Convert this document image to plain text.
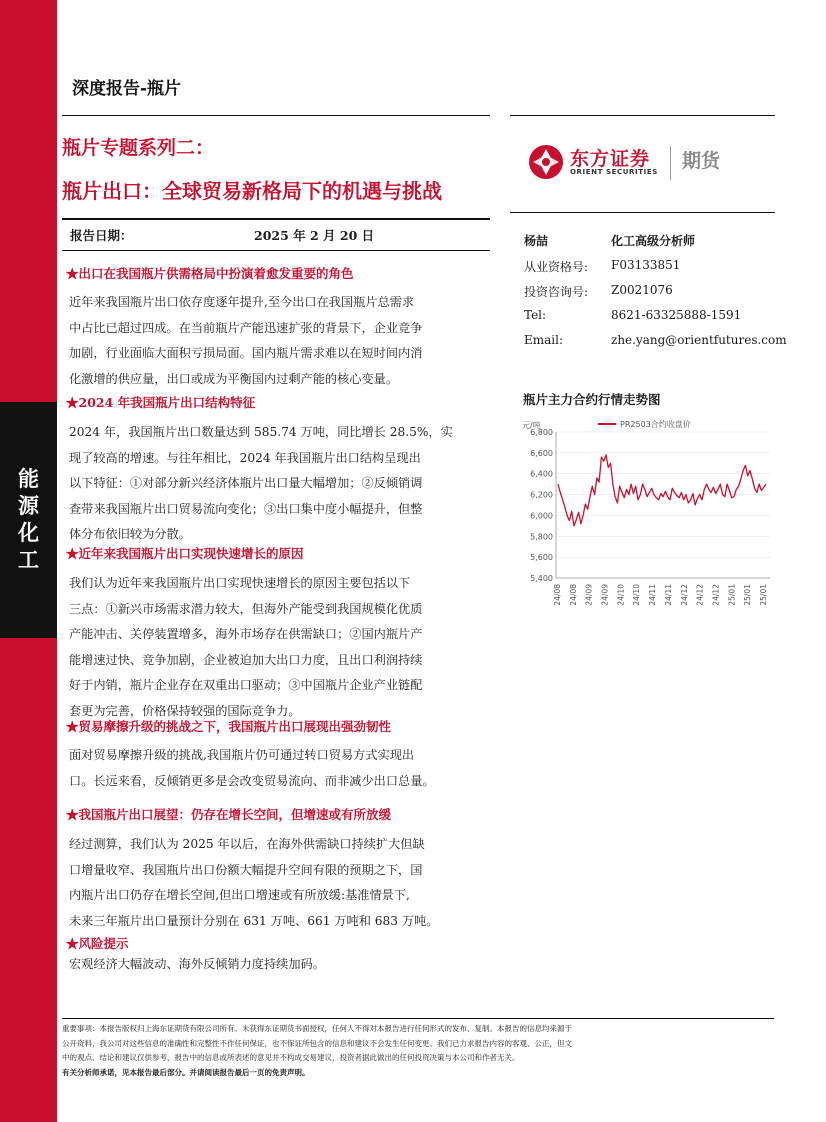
能
源
化
工
深度报告-瓶片
瓶片专题系列二：
瓶片出口：全球贸易新格局下的机遇与挑战
报告日期：	2025 年 2 月 20 日
东方证券
ORIENT SECURITIES 期货
杨喆	化工高级分析师
从业资格号: F03133851
投资咨询号: Z0021076
Tel:	8621-63325888-1591
Email:	zhe.yang@orientfutures.com
★出口在我国瓶片供需格局中扮演着愈发重要的角色
近年来我国瓶片出口依存度逐年提升,至今出口在我国瓶片总需求
中占比已超过四成。在当前瓶片产能迅速扩张的背景下，企业竞争
加剧，行业面临大面积亏损局面。国内瓶片需求难以在短时间内消
化激增的供应量，出口或成为平衡国内过剩产能的核心变量。
★2024 年我国瓶片出口结构特征
2024 年，我国瓶片出口数量达到 585.74 万吨，同比增长 28.5%，实
现了较高的增速。与往年相比，2024 年我国瓶片出口结构呈现出
以下特征：①对部分新兴经济体瓶片出口量大幅增加；②反倾销调
查带来我国瓶片出口贸易流向变化；③出口集中度小幅提升，但整
体分布依旧较为分散。
★近年来我国瓶片出口实现快速增长的原因
我们认为近年来我国瓶片出口实现快速增长的原因主要包括以下
三点：①新兴市场需求潜力较大，但海外产能受到我国规模化优质
产能冲击、关停装置增多，海外市场存在供需缺口；②国内瓶片产
能增速过快、竞争加剧，企业被迫加大出口力度，且出口利润持续
好于内销，瓶片企业存在双重出口驱动；③中国瓶片企业产业链配
套更为完善，价格保持较强的国际竞争力。
★贸易摩擦升级的挑战之下，我国瓶片出口展现出强劲韧性
面对贸易摩擦升级的挑战,我国瓶片仍可通过转口贸易方式实现出
口。长远来看，反倾销更多是会改变贸易流向、而非减少出口总量。
★我国瓶片出口展望：仍存在增长空间，但增速或有所放缓
经过测算，我们认为 2025 年以后，在海外供需缺口持续扩大但缺
口增量收窄、我国瓶片出口份额大幅提升空间有限的预期之下，国
内瓶片出口仍存在增长空间,但出口增速或有所放缓:基准情景下,
未来三年瓶片出口量预计分别在 631 万吨、661 万吨和 683 万吨。
★风险提示
宏观经济大幅波动、海外反倾销力度持续加码。
瓶片主力合约行情走势图
元/吨	PR2503合约收盘价
6,800
6,600
6,400
6,200
6,000
5,800
5,600
5,400
24/08 24/08 24/09 24/09 24/10 24/10 24/11 24/11 24/12 24/12 24/12 25/01 25/01 25/01
重要事项：本报告版权归上海东证期货有限公司所有。未获得东证期货书面授权，任何人不得对本报告进行任何形式的发布、复制。本报告的信息均来源于
公开资料，我公司对这些信息的准确性和完整性不作任何保证，也不保证所包含的信息和建议不会发生任何变更。我们已力求报告内容的客观、公正，但文
中的观点、结论和建议仅供参考，报告中的信息或所表述的意见并不构成交易建议，投资者据此做出的任何投资决策与本公司和作者无关。
有关分析师承诺，见本报告最后部分。并请阅读报告最后一页的免责声明。
